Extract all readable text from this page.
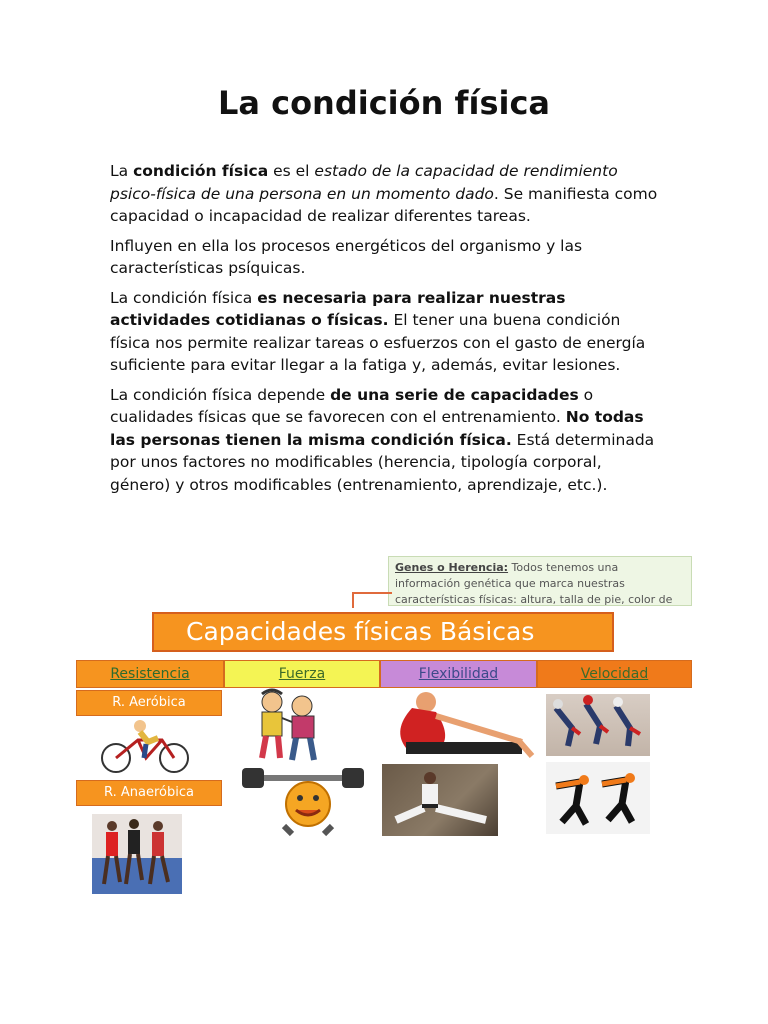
La condición física

La condición física es el estado de la capacidad de rendimiento psico-física de una persona en un momento dado. Se manifiesta como capacidad o incapacidad de realizar diferentes tareas.

Influyen en ella los procesos energéticos del organismo y las características psíquicas.

La condición física es necesaria para realizar nuestras actividades cotidianas o físicas. El tener una buena condición física nos permite realizar tareas o esfuerzos con el gasto de energía suficiente para evitar llegar a la fatiga y, además, evitar lesiones.

La condición física depende de una serie de capacidades o cualidades físicas que se favorecen con el entrenamiento. No todas las personas tienen la misma condición física. Está determinada por unos factores no modificables (herencia, tipología corporal, género) y otros modificables (entrenamiento, aprendizaje, etc.).

Genes o Herencia: Todos tenemos una información genética que marca nuestras características físicas: altura, talla de pie, color de
Capacidades físicas Básicas
Resistencia	Fuerza	Flexibilidad	Velocidad
R. Aeróbica
R. Anaeróbica
